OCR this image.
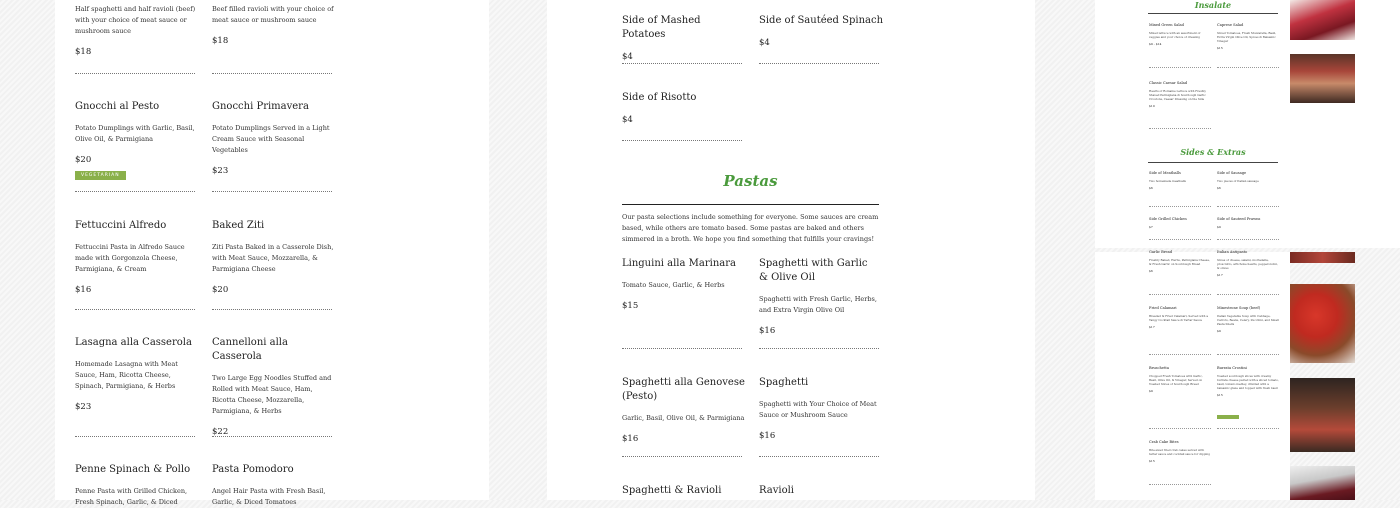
Half spaghetti and half ravioli (beef) with your choice of meat sauce or mushroom sauce
$18
Beef filled ravioli with your choice of meat sauce or mushroom sauce
$18
Gnocchi al Pesto
Potato Dumplings with Garlic, Basil, Olive Oil, & Parmigiana
$20
VEGETARIAN
Gnocchi Primavera
Potato Dumplings Served in a Light Cream Sauce with Seasonal Vegetables
$23
Fettuccini Alfredo
Fettuccini Pasta in Alfredo Sauce made with Gorgonzola Cheese, Parmigiana, & Cream
$16
Baked Ziti
Ziti Pasta Baked in a Casserole Dish, with Meat Sauce, Mozzarella, & Parmigiana Cheese
$20
Lasagna alla Casserola
Homemade Lasagna with Meat Sauce, Ham, Ricotta Cheese, Spinach, Parmigiana, & Herbs
$23
Cannelloni alla Casserola
Two Large Egg Noodles Stuffed and Rolled with Meat Sauce, Ham, Ricotta Cheese, Mozzarella, Parmigiana, & Herbs
$22
Penne Spinach & Pollo
Penne Pasta with Grilled Chicken, Fresh Spinach, Garlic, & Diced
Pasta Pomodoro
Angel Hair Pasta with Fresh Basil, Garlic, & Diced Tomatoes
Side of Mashed Potatoes
$4
Side of Sautéed Spinach
$4
Side of Risotto
$4
Pastas
Our pasta selections include something for everyone. Some sauces are cream based, while others are tomato based. Some pastas are baked and others simmered in a broth. We hope you find something that fulfills your cravings!
Linguini alla Marinara
Tomato Sauce, Garlic, & Herbs
$15
Spaghetti with Garlic & Olive Oil
Spaghetti with Fresh Garlic, Herbs, and Extra Virgin Olive Oil
$16
Spaghetti alla Genovese (Pesto)
Garlic, Basil, Olive Oil, & Parmigiana
$16
Spaghetti
Spaghetti with Your Choice of Meat Sauce or Mushroom Sauce
$16
Spaghetti & Ravioli	Ravioli
Insalate
Mixed Green Salad
Mixed lettuce with an assortment of veggies and your choice of dressing
$9 - $14
Caprese Salad
Sliced Tomatoes, Fresh Mozzarella, Basil, Extra Virgin Olive Oil, Spices & Balsamic Vinegar
$15
Classic Caesar Salad
Hearts of Romaine Lettuce with Freshly Shaved Parmigiana & Sourdough Garlic Croutons, Caesar Dressing on the Side
$10
Sides & Extras
Side of Meatballs
Two homemade meatballs
$6
Side of Sausage
Two pieces of Italian sausage
$6
Side Grilled Chicken
$7
Side of Sauteed Prawns
$9
Garlic Bread
Freshly Baked, Herbs, Parmigiana Cheese, & Fresh Garlic on Sourdough Bread
$6
Italian Antipasto
Slices of cheese, salami, mortadella, prosciutto, artichoke hearts, pepperoncini, & olives
$17
Fried Calamari
Breaded & Fried Calamari, Served with a Tangy Cocktail Sauce & Tartar Sauce
$17
Minestrone Soup (beef)
Italian Vegetable Soup with Cabbage, Carrots, Beans, Celery, Zucchini, and Small Pasta Shells
$9
Bruschetta
Chopped Fresh Tomatoes with Garlic, Basil, Olive Oil, & Vinegar, Served on Toasted Slices of Sourdough Bread
$9
Burrata Crostini
Toasted sourdough slices with creamy burrata cheese paired with a sliced tomato, basil, tomato medley, drizzled with a balsamic glaze and topped with fresh basil
$15
Crab Cake Bites
Bite-sized fried crab cakes served with tartar sauce and cocktail sauce for dipping
$15
